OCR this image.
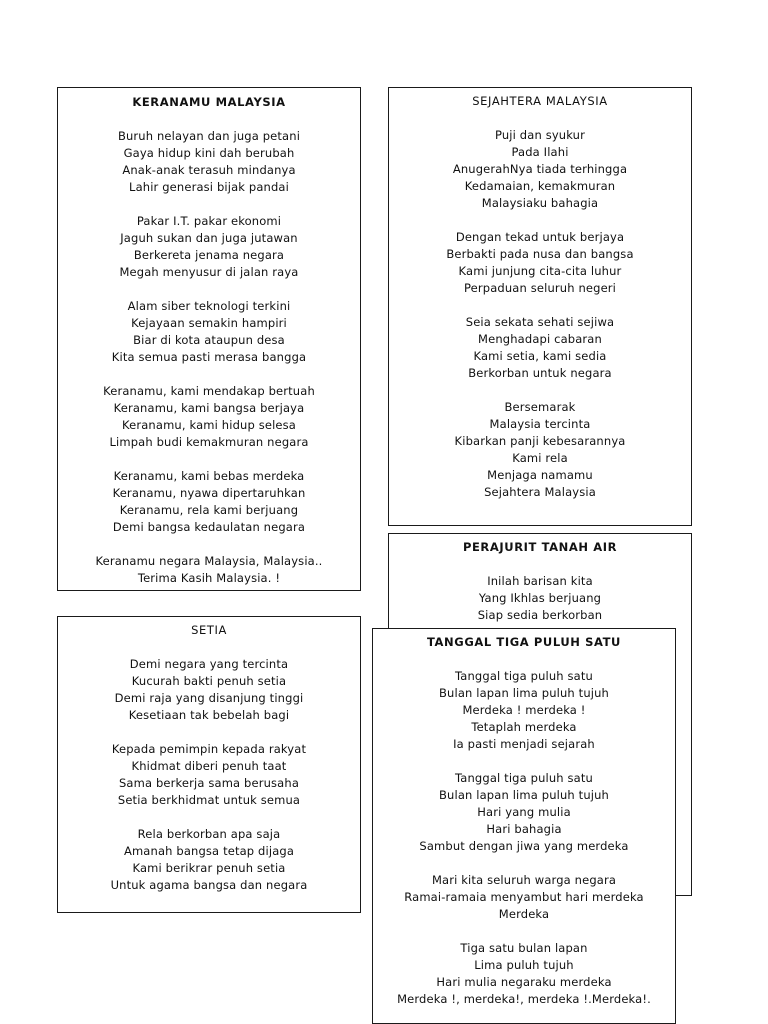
KERANAMU MALAYSIA
Buruh nelayan dan juga petani
Gaya hidup kini dah berubah
Anak-anak terasuh mindanya
Lahir generasi bijak pandai
Pakar I.T. pakar ekonomi
Jaguh sukan dan juga jutawan
Berkereta jenama negara
Megah menyusur di jalan raya
Alam siber teknologi terkini
Kejayaan semakin hampiri
Biar di kota ataupun desa
Kita semua pasti merasa bangga
Keranamu, kami mendakap bertuah
Keranamu, kami bangsa berjaya
Keranamu, kami hidup selesa
Limpah budi kemakmuran negara
Keranamu, kami bebas merdeka
Keranamu, nyawa dipertaruhkan
Keranamu, rela kami berjuang
Demi bangsa kedaulatan negara
Keranamu negara Malaysia, Malaysia..
Terima Kasih Malaysia. !
SEJAHTERA MALAYSIA
Puji dan syukur
Pada Ilahi
AnugerahNya tiada terhingga
Kedamaian, kemakmuran
Malaysiaku bahagia
Dengan tekad untuk berjaya
Berbakti pada nusa dan bangsa
Kami junjung cita-cita luhur
Perpaduan seluruh negeri
Seia sekata sehati sejiwa
Menghadapi cabaran
Kami setia, kami sedia
Berkorban untuk negara
Bersemarak
Malaysia tercinta
Kibarkan panji kebesarannya
Kami rela
Menjaga namamu
Sejahtera Malaysia
SETIA
Demi negara yang tercinta
Kucurah bakti penuh setia
Demi raja yang disanjung tinggi
Kesetiaan tak bebelah bagi
Kepada pemimpin kepada rakyat
Khidmat diberi penuh taat
Sama berkerja sama berusaha
Setia berkhidmat untuk semua
Rela berkorban apa saja
Amanah bangsa tetap dijaga
Kami berikrar penuh setia
Untuk agama bangsa dan negara
PERAJURIT TANAH AIR
Inilah barisan kita
Yang Ikhlas berjuang
Siap sedia berkorban
TANGGAL TIGA PULUH SATU
Tanggal tiga puluh satu
Bulan lapan lima puluh tujuh
Merdeka ! merdeka !
Tetaplah merdeka
Ia pasti menjadi sejarah
Tanggal tiga puluh satu
Bulan lapan lima puluh tujuh
Hari yang mulia
Hari bahagia
Sambut dengan jiwa yang merdeka
Mari kita seluruh warga negara
Ramai-ramaia menyambut hari merdeka
Merdeka
Tiga satu bulan lapan
Lima puluh tujuh
Hari mulia negaraku merdeka
Merdeka !, merdeka!, merdeka !.Merdeka!.
